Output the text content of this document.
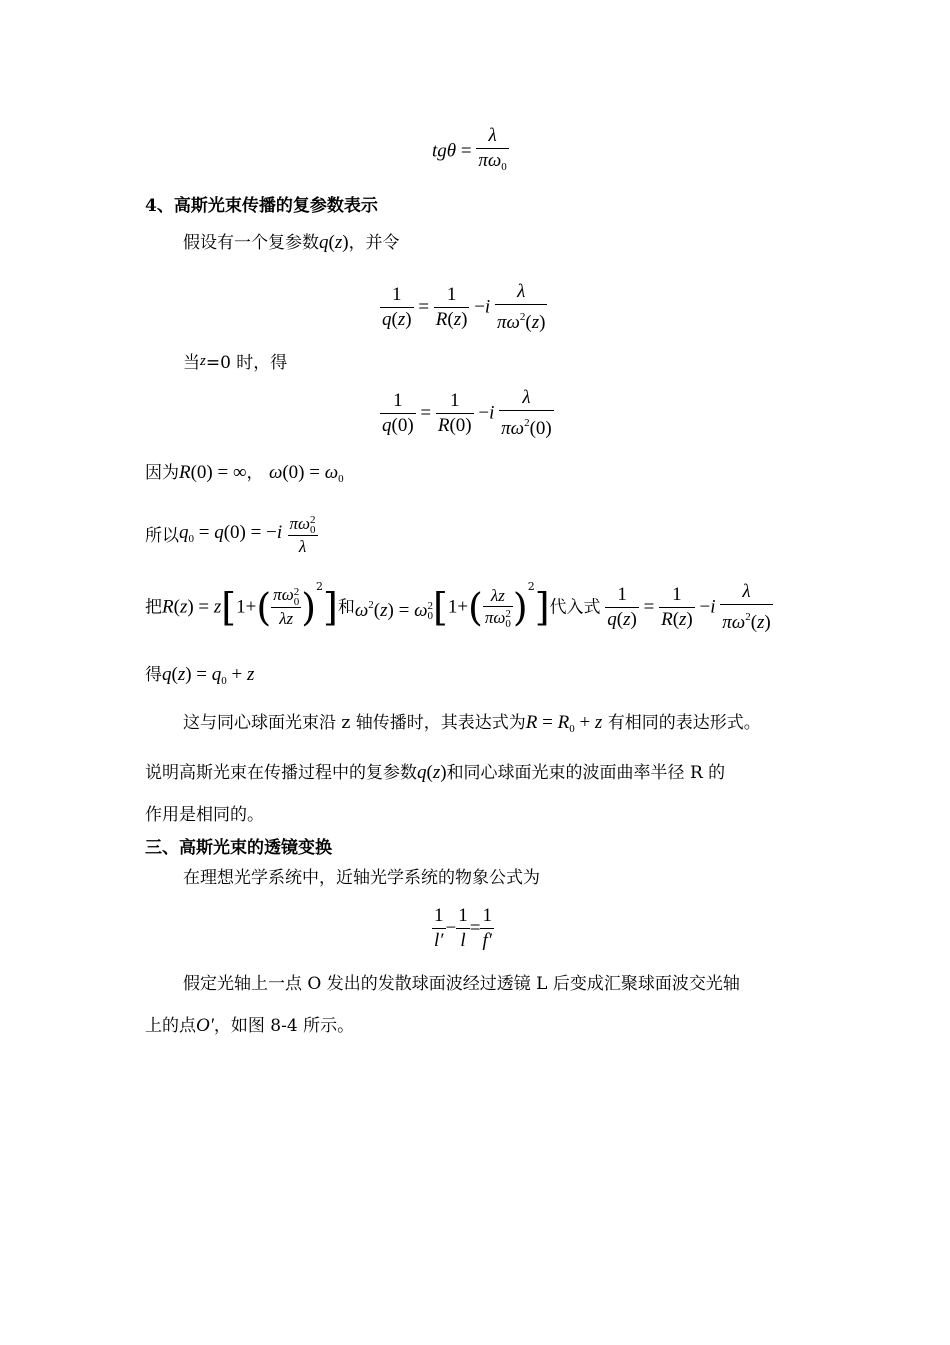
$tg\theta = \frac{\lambda}{\pi\omega_0}$
4、高斯光束传播的复参数表示
假设有一个复参数q(z)，并令
$\frac{1}{q(z)} = \frac{1}{R(z)} -i \frac{\lambda}{\pi\omega^2(z)}$
当z=0 时，得
$\frac{1}{q(0)} = \frac{1}{R(0)} -i \frac{\lambda}{\pi\omega^2(0)}$
因为R(0) = ∞， $\omega(0) = \omega_0$
所以$q_0 = q(0) = -i$ πω2
0
λ
把R(z) = z[1+( πω2
0
λz )$^2$]和$\omega^2(z) = \omega 2$
0[1+( λz
πω2
0 )$^2$]代入式 $\frac{1}{q(z)} = \frac{1}{R(z)} -i \frac{\lambda}{\pi\omega^2(z)}$
得$q(z) = q_0 + z$
这与同心球面光束沿 z 轴传播时，其表达式为$R = R_0 + z$ 有相同的表达形式。
说明高斯光束在传播过程中的复参数q(z)和同心球面光束的波面曲率半径 R 的
作用是相同的。
三、高斯光束的透镜变换
在理想光学系统中，近轴光学系统的物象公式为
$\frac{1}{l'} - \frac{1}{l} = \frac{1}{f'}$
假定光轴上一点 O 发出的发散球面波经过透镜 L 后变成汇聚球面波交光轴
上的点O′，如图 8-4 所示。
